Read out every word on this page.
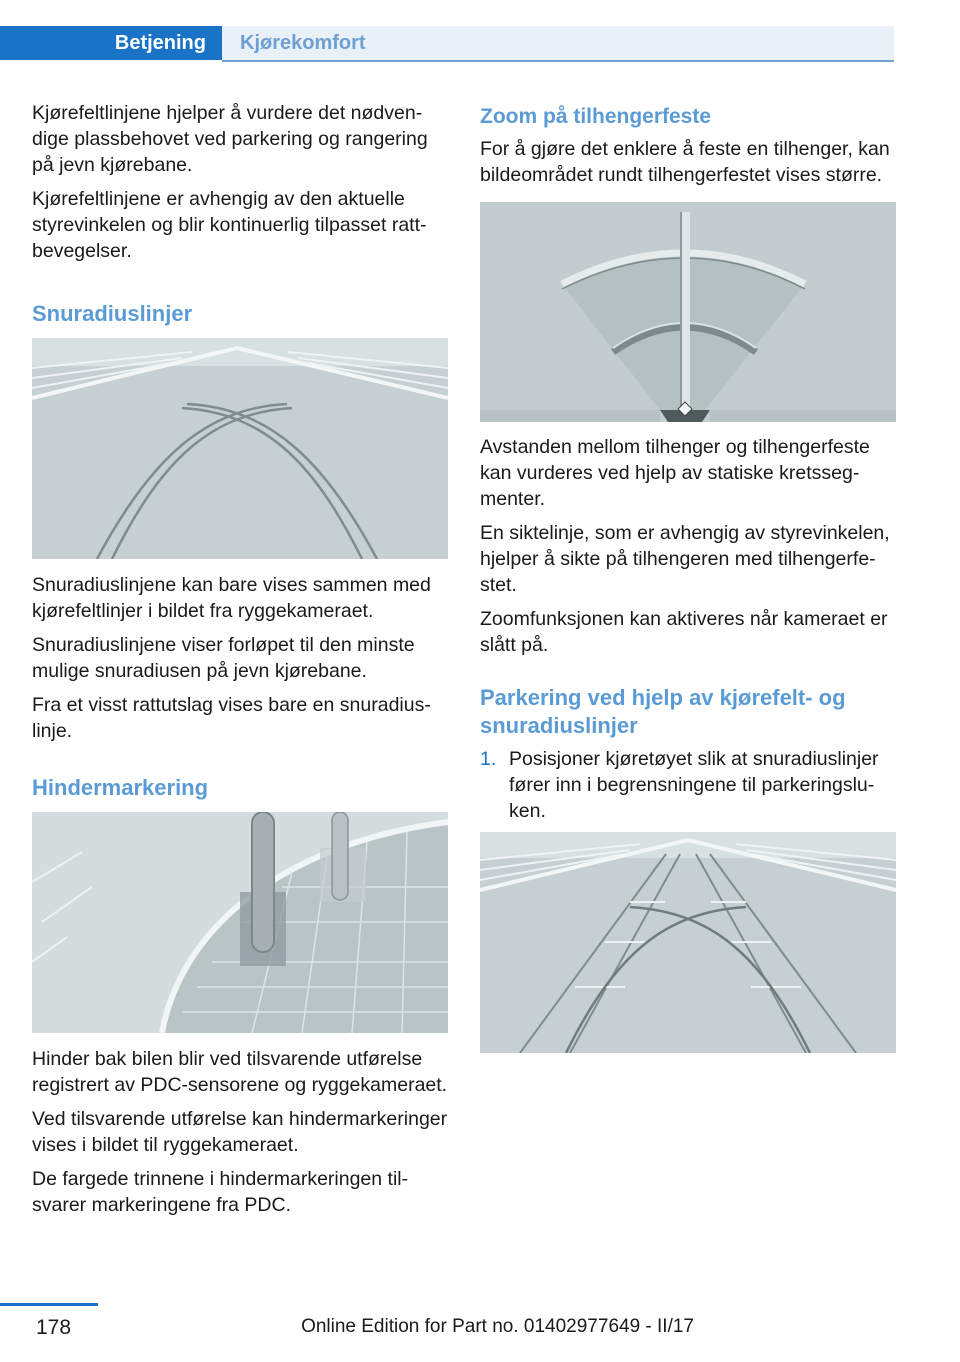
Betjening	Kjørekomfort

Kjørefeltlinjene hjelper å vurdere det nødvendige plassbehovet ved parkering og rangering på jevn kjørebane.

Kjørefeltlinjene er avhengig av den aktuelle styrevinkelen og blir kontinuerlig tilpasset rattbevegelser.

Snuradiuslinjer

Snuradiuslinjene kan bare vises sammen med kjørefeltlinjer i bildet fra ryggekameraet.

Snuradiuslinjene viser forløpet til den minste mulige snuradiusen på jevn kjørebane.

Fra et visst rattutslag vises bare en snuradiuslinje.

Hindermarkering

Hinder bak bilen blir ved tilsvarende utførelse registrert av PDC-sensorene og ryggekameraet.

Ved tilsvarende utførelse kan hindermarkeringer vises i bildet til ryggekameraet.

De fargede trinnene i hindermarkeringen tilsvarer markeringene fra PDC.

Zoom på tilhengerfeste

For å gjøre det enklere å feste en tilhenger, kan bildeområdet rundt tilhengerfestet vises større.

Avstanden mellom tilhenger og tilhengerfeste kan vurderes ved hjelp av statiske kretssegmenter.

En siktelinje, som er avhengig av styrevinkelen, hjelper å sikte på tilhengeren med tilhengerfestet.

Zoomfunksjonen kan aktiveres når kameraet er slått på.

Parkering ved hjelp av kjørefelt- og snuradiuslinjer
1. Posisjoner kjøretøyet slik at snuradiuslinjer fører inn i begrensningene til parkeringsluken.
178	Online Edition for Part no. 01402977649 - II/17
